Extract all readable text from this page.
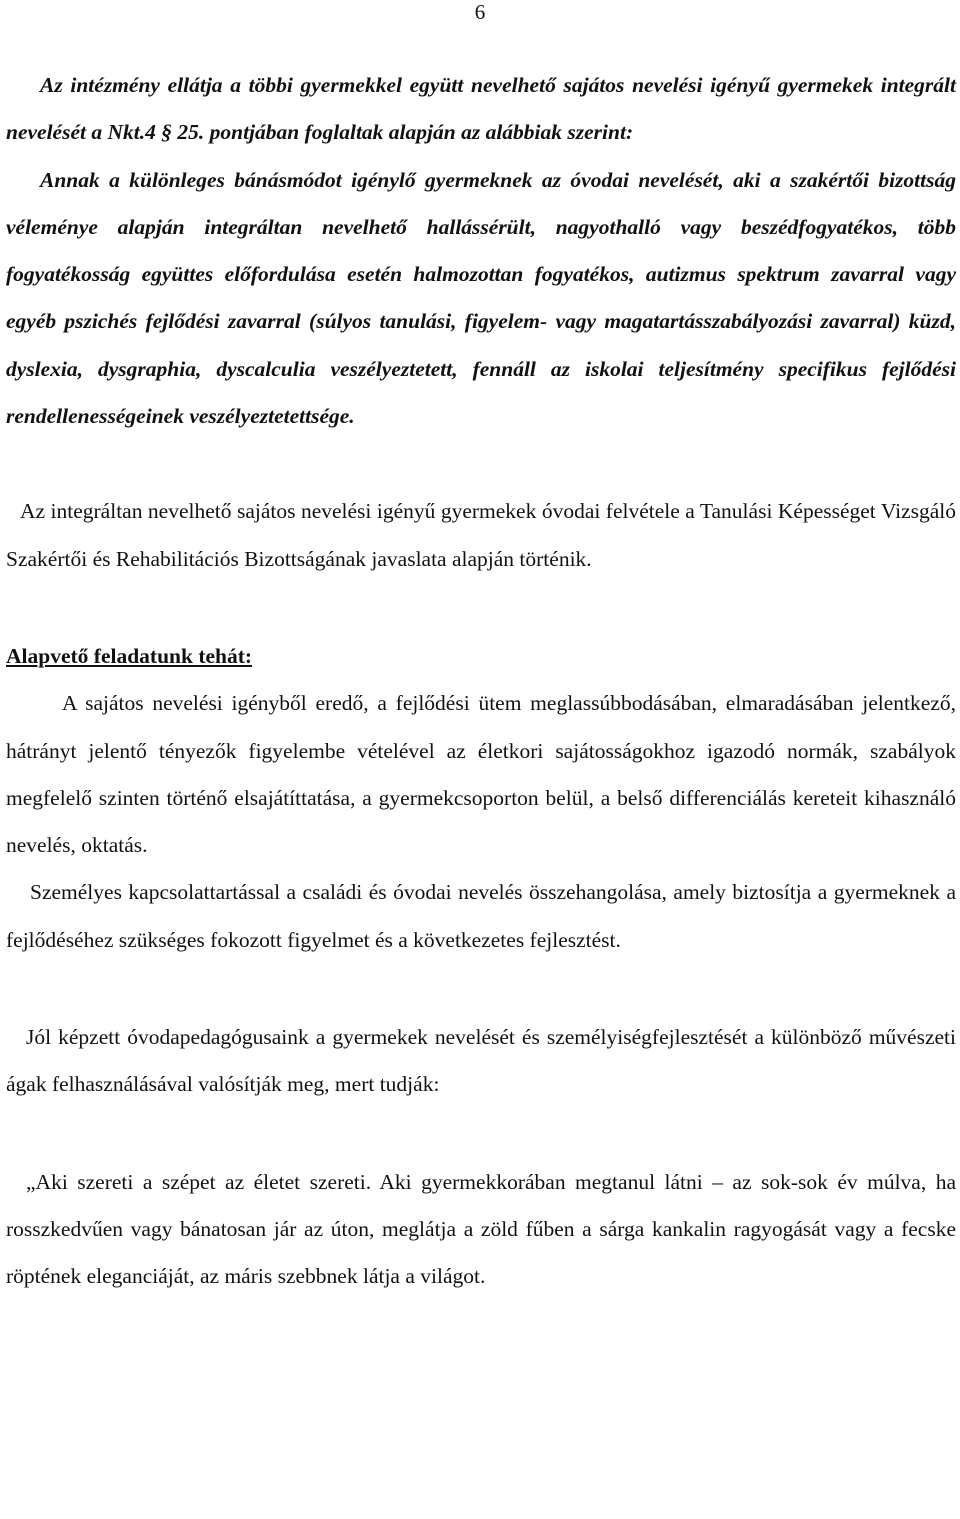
6

Az intézmény ellátja a többi gyermekkel együtt nevelhető sajátos nevelési igényű gyermekek integrált nevelését a Nkt.4 § 25. pontjában foglaltak alapján az alábbiak szerint:

Annak a különleges bánásmódot igénylő gyermeknek az óvodai nevelését, aki a szakértői bizottság véleménye alapján integráltan nevelhető hallássérült, nagyothalló vagy beszédfogyatékos, több fogyatékosság együttes előfordulása esetén halmozottan fogyatékos, autizmus spektrum zavarral vagy egyéb pszichés fejlődési zavarral (súlyos tanulási, figyelem- vagy magatartásszabályozási zavarral) küzd, dyslexia, dysgraphia, dyscalculia veszélyeztetett, fennáll az iskolai teljesítmény specifikus fejlődési rendellenességeinek veszélyeztetettsége.

Az integráltan nevelhető sajátos nevelési igényű gyermekek óvodai felvétele a Tanulási Képességet Vizsgáló Szakértői és Rehabilitációs Bizottságának javaslata alapján történik.

Alapvető feladatunk tehát:

A sajátos nevelési igényből eredő, a fejlődési ütem meglassúbbodásában, elmaradásában jelentkező, hátrányt jelentő tényezők figyelembe vételével az életkori sajátosságokhoz igazodó normák, szabályok megfelelő szinten történő elsajátíttatása, a gyermekcsoporton belül, a belső differenciálás kereteit kihasználó nevelés, oktatás.

Személyes kapcsolattartással a családi és óvodai nevelés összehangolása, amely biztosítja a gyermeknek a fejlődéséhez szükséges fokozott figyelmet és a következetes fejlesztést.

Jól képzett óvodapedagógusaink a gyermekek nevelését és személyiségfejlesztését a különböző művészeti ágak felhasználásával valósítják meg, mert tudják:

„Aki szereti a szépet az életet szereti. Aki gyermekkorában megtanul látni – az sok-sok év múlva, ha rosszkedvűen vagy bánatosan jár az úton, meglátja a zöld fűben a sárga kankalin ragyogását vagy a fecske röptének eleganciáját, az máris szebbnek látja a világot.
